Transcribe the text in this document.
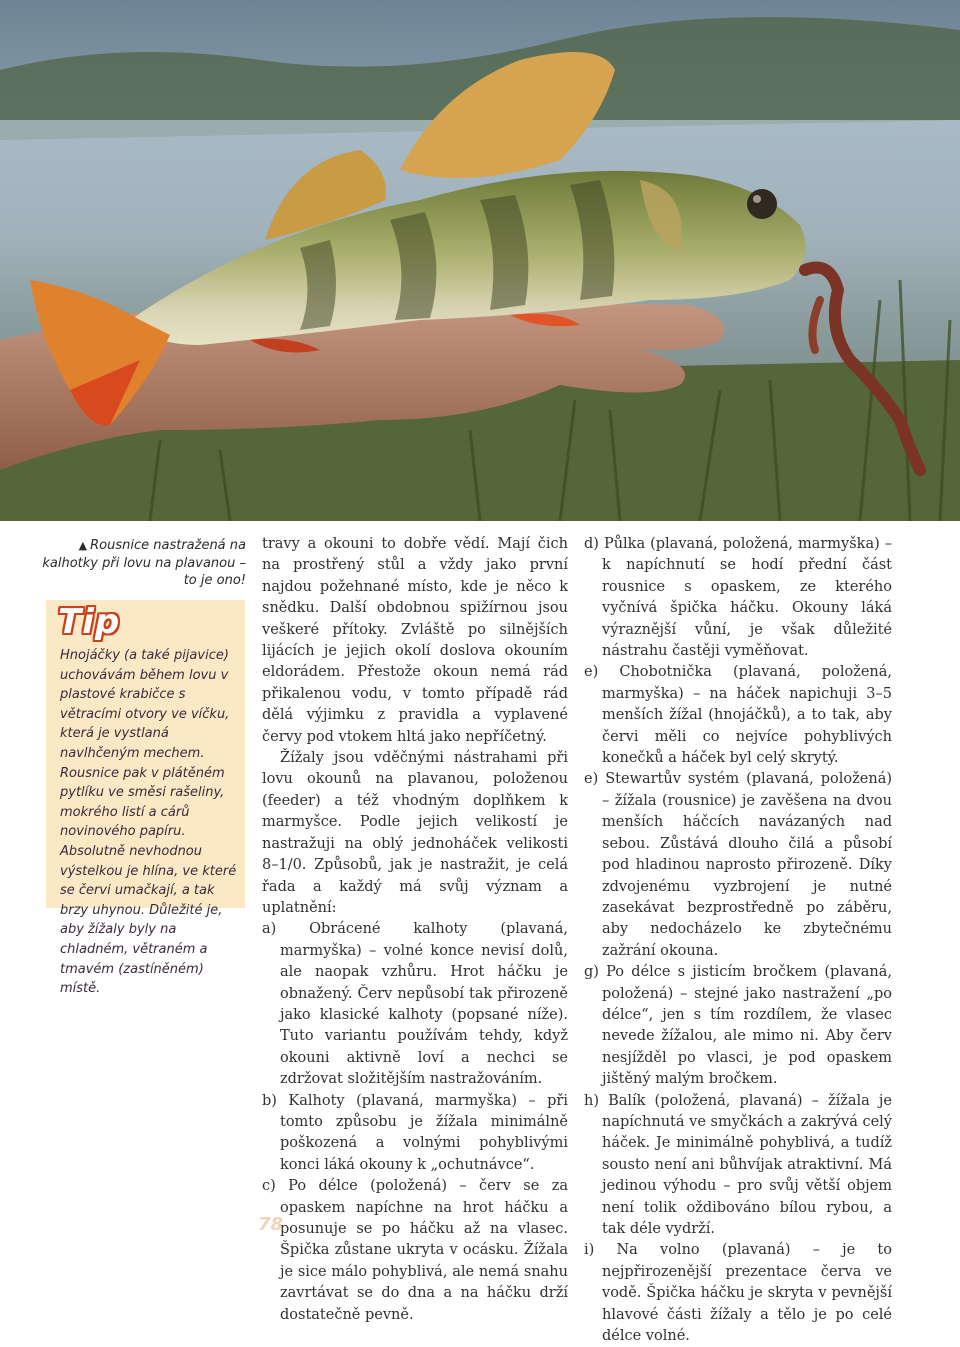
▲ Rousnice nastražená na kalhotky při lovu na plavanou – to je ono!
Tip
Hnojáčky (a také pijavice) uchovávám během lovu v plastové krabičce s větracími otvory ve víčku, která je vystlaná navlhčeným mechem. Rousnice pak v plátěném pytlíku ve směsi rašeliny, mokrého listí a cárů novinového papíru. Absolutně nevhodnou výstelkou je hlína, ve které se červi umačkají, a tak brzy uhynou. Důležité je, aby žížaly byly na chladném, větraném a tmavém (zastíněném) místě.

travy a okouni to dobře vědí. Mají čich na prostřený stůl a vždy jako první najdou požehnané místo, kde je něco k snědku. Další obdobnou spižírnou jsou veškeré přítoky. Zvláště po silnějších lijácích je jejich okolí doslova okouním eldorádem. Přestože okoun nemá rád přikalenou vodu, v tomto případě rád dělá výjimku z pravidla a vyplavené červy pod vtokem hltá jako nepříčetný.

Žížaly jsou vděčnými nástrahami při lovu okounů na plavanou, položenou (feeder) a též vhodným doplňkem k marmyšce. Podle jejich velikostí je nastražuji na oblý jednoháček velikosti 8–1/0. Způsobů, jak je nastražit, je celá řada a každý má svůj význam a uplatnění:

a) Obrácené kalhoty (plavaná, marmyška) – volné konce nevisí dolů, ale naopak vzhůru. Hrot háčku je obnažený. Červ nepůsobí tak přirozeně jako klasické kalhoty (popsané níže). Tuto variantu používám tehdy, když okouni aktivně loví a nechci se zdržovat složitějším nastražováním.

b) Kalhoty (plavaná, marmyška) – při tomto způsobu je žížala minimálně poškozená a volnými pohyblivými konci láká okouny k „ochutnávce“.

c) Po délce (položená) – červ se za opaskem napíchne na hrot háčku a posunuje se po háčku až na vlasec. Špička zůstane ukryta v ocásku. Žížala je sice málo pohyblivá, ale nemá snahu zavrtávat se do dna a na háčku drží dostatečně pevně.

d) Půlka (plavaná, položená, marmyška) – k napíchnutí se hodí přední část rousnice s opaskem, ze kterého vyčnívá špička háčku. Okouny láká výraznější vůní, je však důležité nástrahu častěji vyměňovat.

e) Chobotnička (plavaná, položená, marmyška) – na háček napichuji 3–5 menších žížal (hnojáčků), a to tak, aby červi měli co nejvíce pohyblivých konečků a háček byl celý skrytý.

e) Stewartův systém (plavaná, položená) – žížala (rousnice) je zavěšena na dvou menších háčcích navázaných nad sebou. Zůstává dlouho čilá a působí pod hladinou naprosto přirozeně. Díky zdvojenému vyzbrojení je nutné zasekávat bezprostředně po záběru, aby nedocházelo ke zbytečnému zažrání okouna.

g) Po délce s jisticím bročkem (plavaná, položená) – stejné jako nastražení „po délce“, jen s tím rozdílem, že vlasec nevede žížalou, ale mimo ni. Aby červ nesjížděl po vlasci, je pod opaskem jištěný malým bročkem.

h) Balík (položená, plavaná) – žížala je napíchnutá ve smyčkách a zakrývá celý háček. Je minimálně pohyblivá, a tudíž sousto není ani bůhvíjak atraktivní. Má jedinou výhodu – pro svůj větší objem není tolik oždibováno bílou rybou, a tak déle vydrží.

i) Na volno (plavaná) – je to nejpřirozenější prezentace červa ve vodě. Špička háčku je skryta v pevnější hlavové části žížaly a tělo je po celé délce volné.

78
